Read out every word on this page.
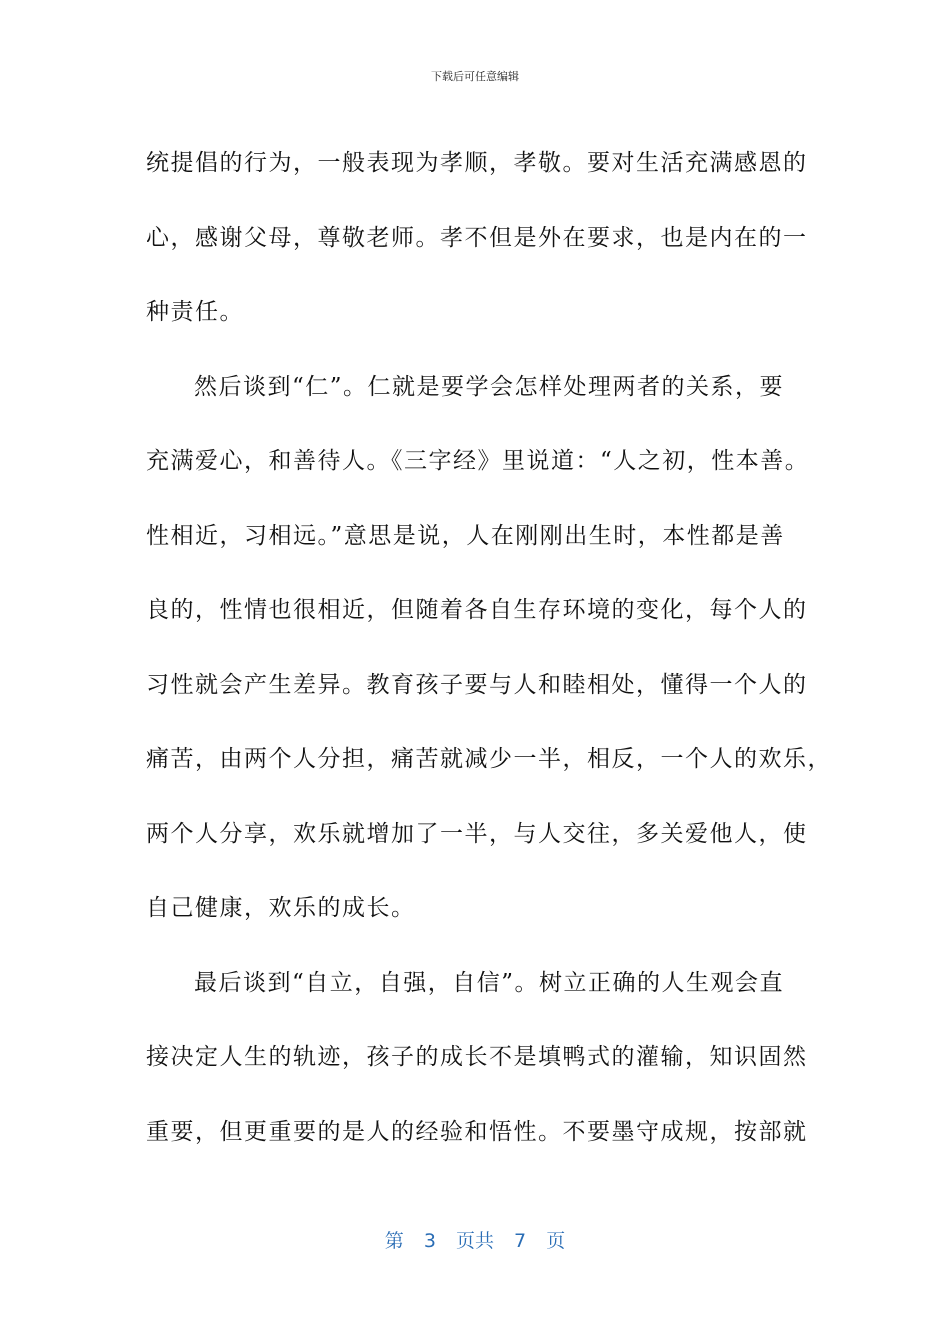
下载后可任意编辑
统提倡的行为，一般表现为孝顺，孝敬。要对生活充满感恩的
心，感谢父母，尊敬老师。孝不但是外在要求，也是内在的一
种责任。
然后谈到“仁”。仁就是要学会怎样处理两者的关系，要
充满爱心，和善待人。《三字经》里说道：“人之初，性本善。
性相近，习相远。”意思是说，人在刚刚出生时，本性都是善
良的，性情也很相近，但随着各自生存环境的变化，每个人的
习性就会产生差异。教育孩子要与人和睦相处，懂得一个人的
痛苦，由两个人分担，痛苦就减少一半，相反，一个人的欢乐，
两个人分享，欢乐就增加了一半，与人交往，多关爱他人，使
自己健康，欢乐的成长。
最后谈到“自立，自强，自信”。树立正确的人生观会直
接决定人生的轨迹，孩子的成长不是填鸭式的灌输，知识固然
重要，但更重要的是人的经验和悟性。不要墨守成规，按部就
第 3 页共 7 页
